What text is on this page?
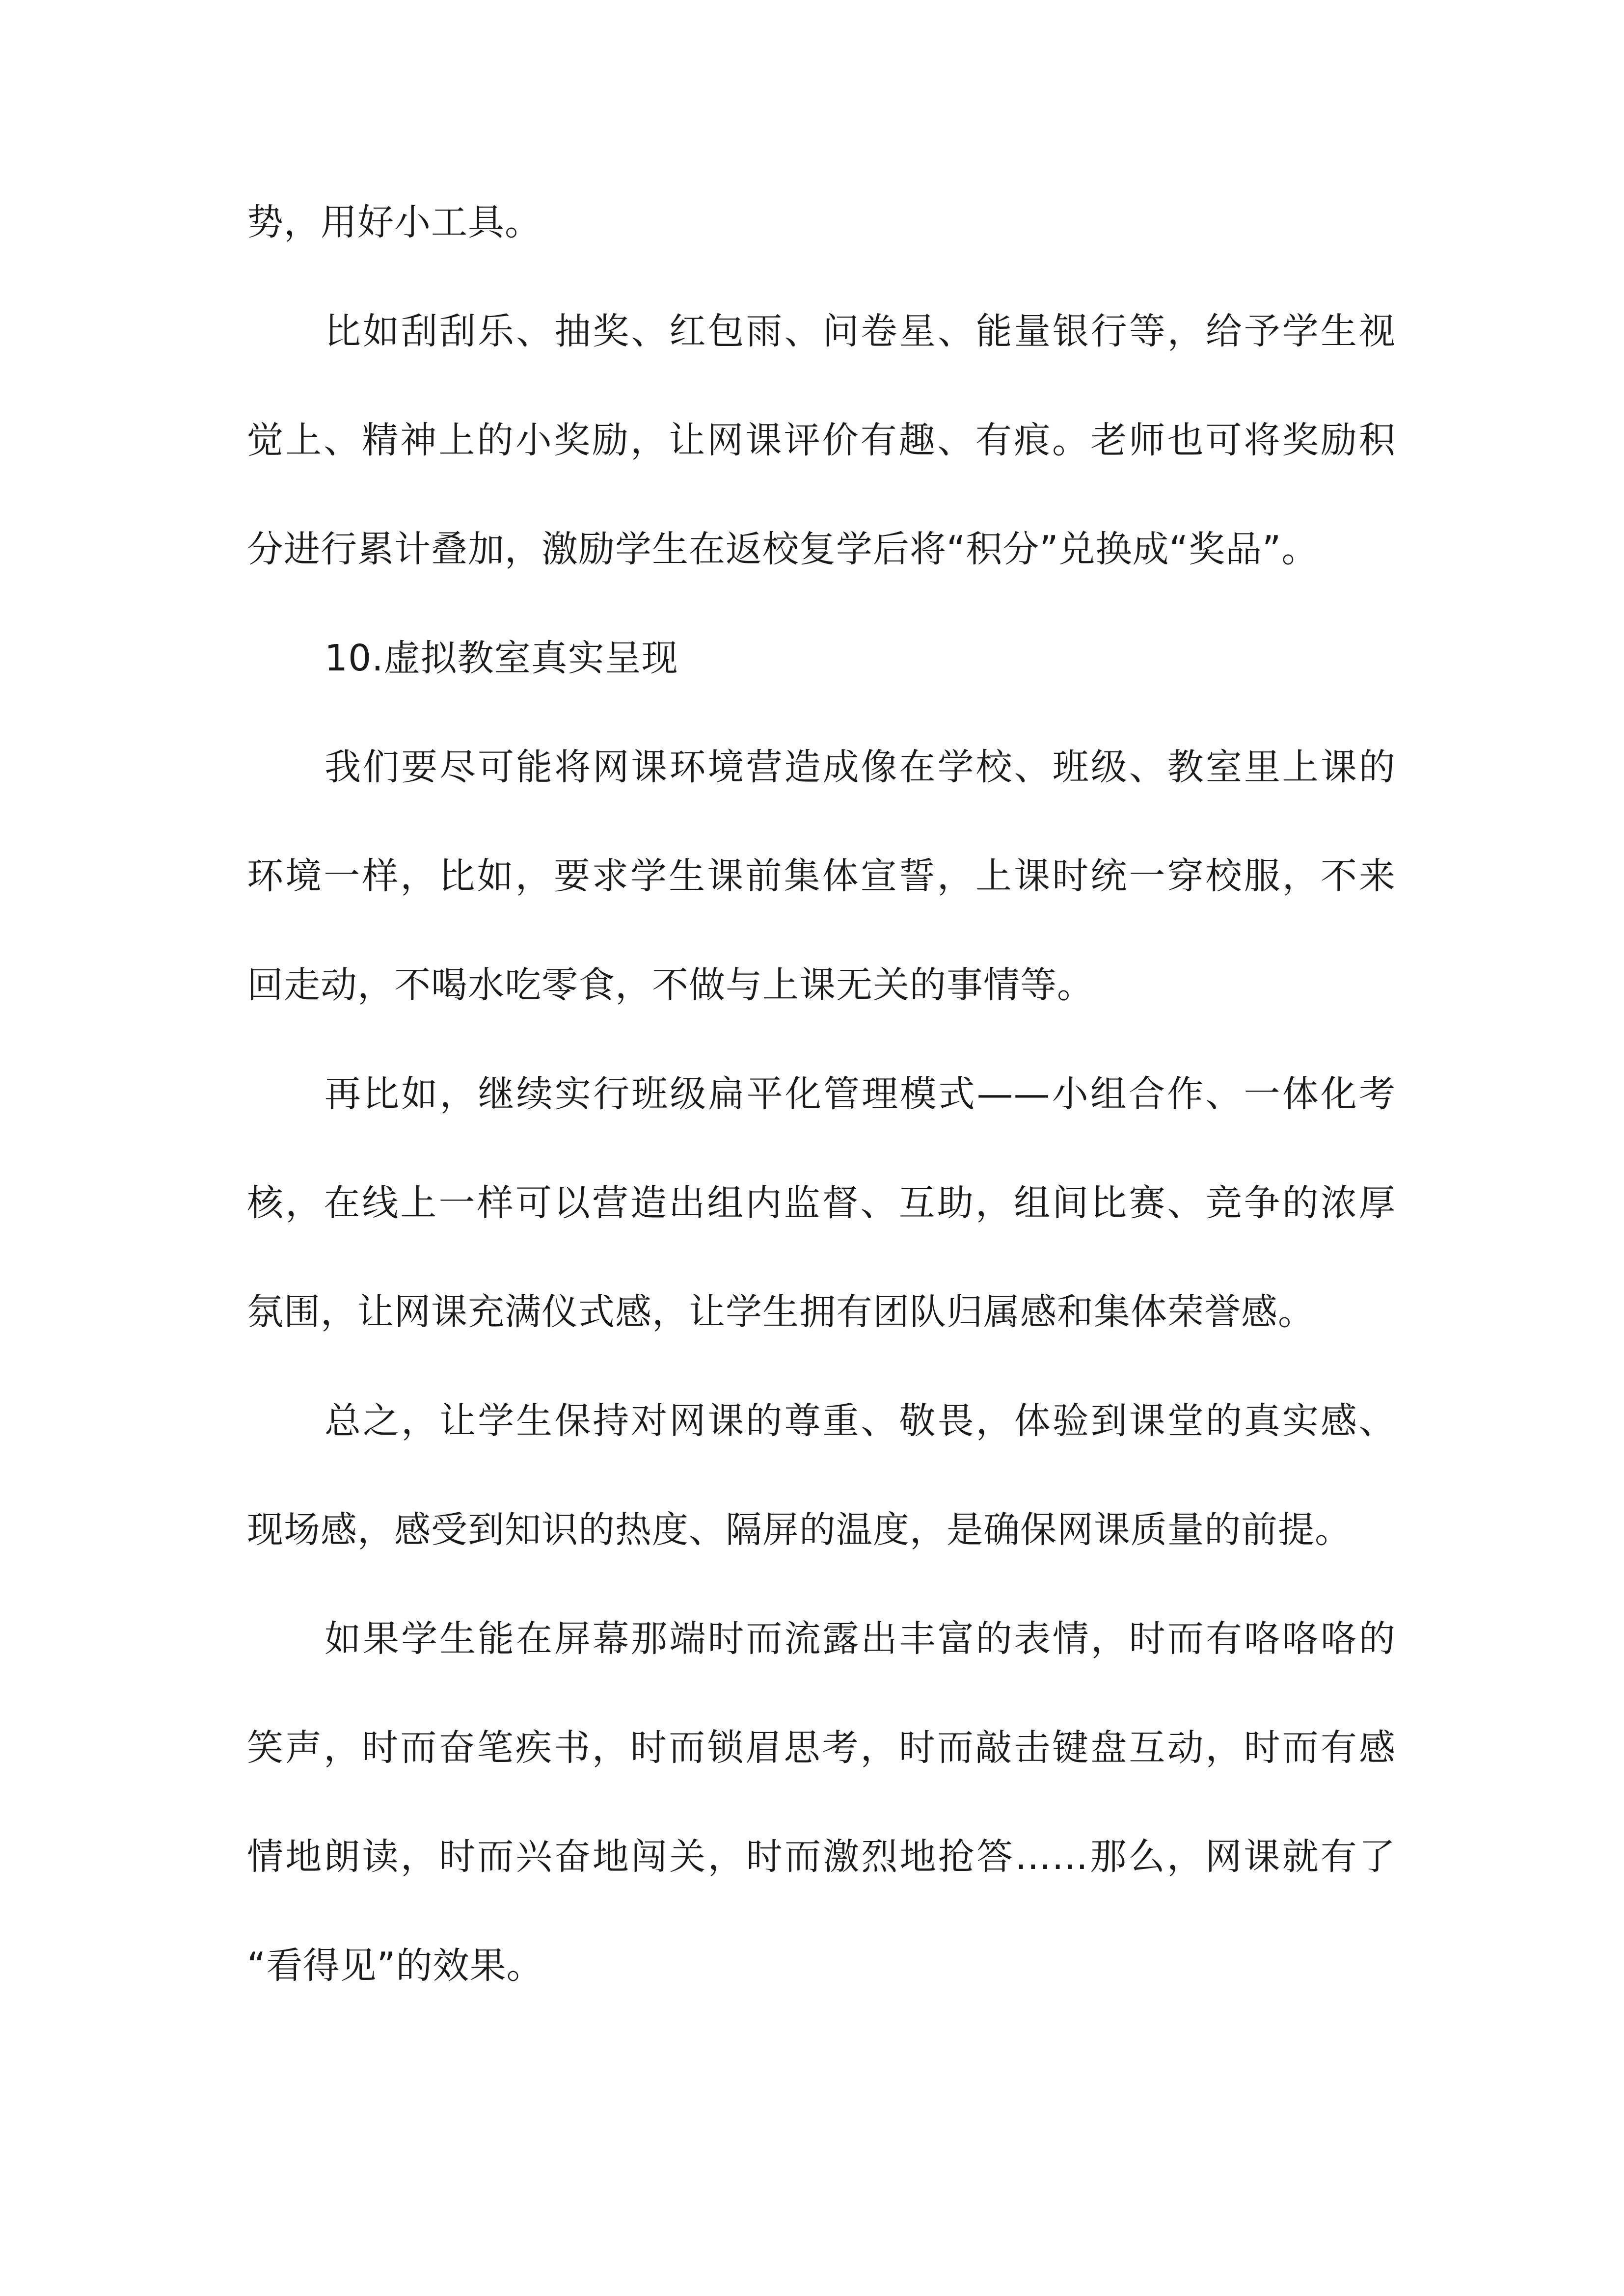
势，用好小工具。
比如刮刮乐、抽奖、红包雨、问卷星、能量银行等，给予学生视
觉上、精神上的小奖励，让网课评价有趣、有痕。老师也可将奖励积
分进行累计叠加，激励学生在返校复学后将“积分”兑换成“奖品”。
10.虚拟教室真实呈现
我们要尽可能将网课环境营造成像在学校、班级、教室里上课的
环境一样，比如，要求学生课前集体宣誓，上课时统一穿校服，不来
回走动，不喝水吃零食，不做与上课无关的事情等。
再比如，继续实行班级扁平化管理模式——小组合作、一体化考
核，在线上一样可以营造出组内监督、互助，组间比赛、竞争的浓厚
氛围，让网课充满仪式感，让学生拥有团队归属感和集体荣誉感。
总之，让学生保持对网课的尊重、敬畏，体验到课堂的真实感、
现场感，感受到知识的热度、隔屏的温度，是确保网课质量的前提。
如果学生能在屏幕那端时而流露出丰富的表情，时而有咯咯咯的
笑声，时而奋笔疾书，时而锁眉思考，时而敲击键盘互动，时而有感
情地朗读，时而兴奋地闯关，时而激烈地抢答……那么，网课就有了
“看得见”的效果。
